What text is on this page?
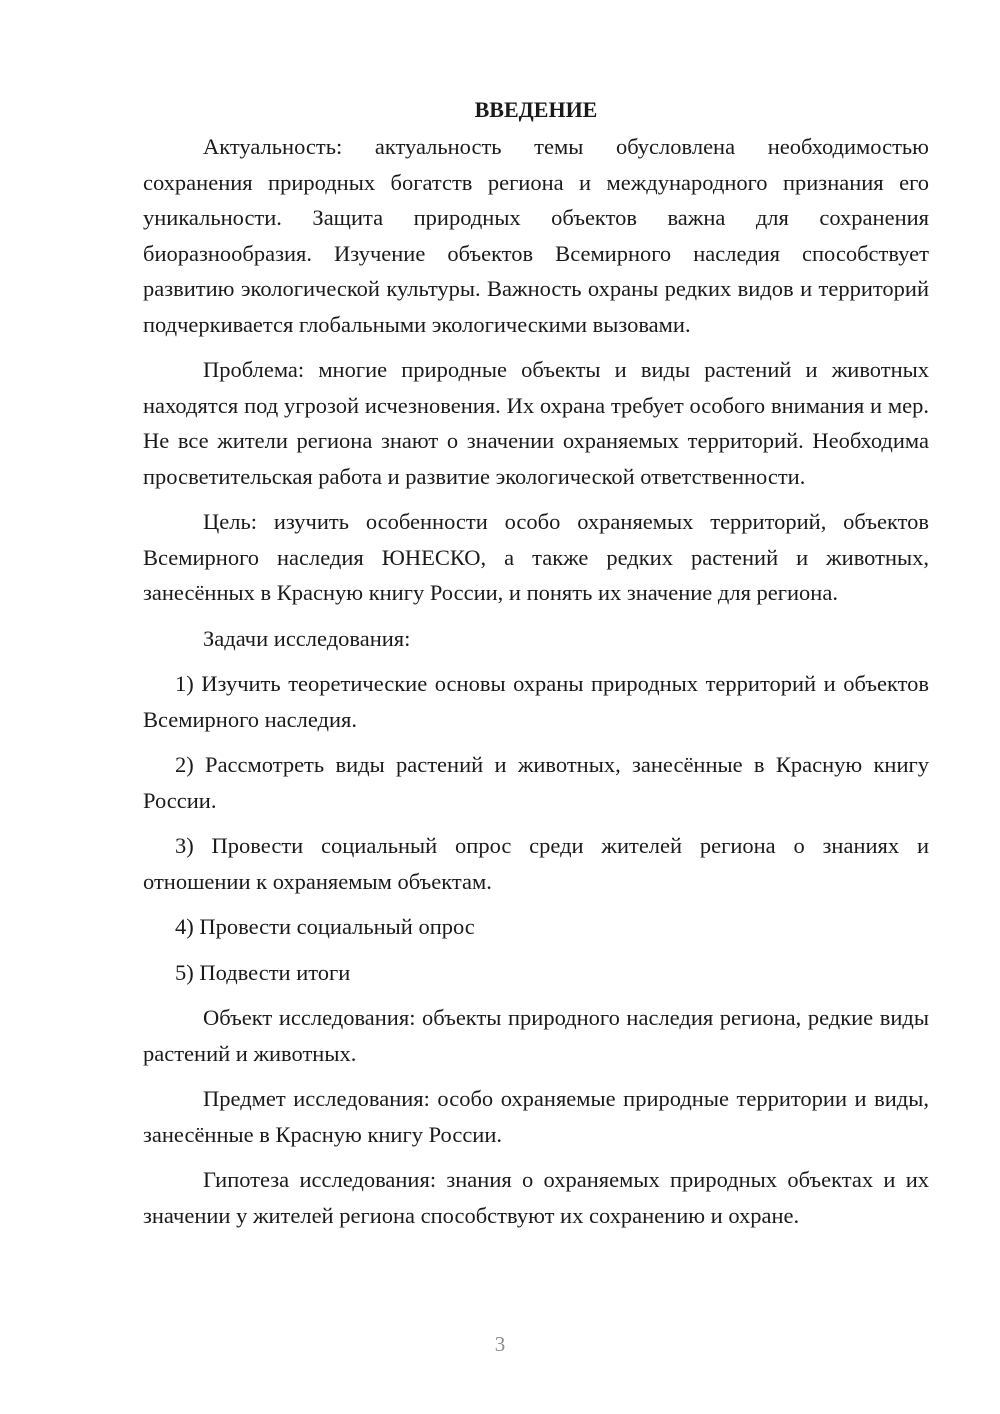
ВВЕДЕНИЕ

Актуальность: актуальность темы обусловлена необходимостью сохранения природных богатств региона и международного признания его уникальности. Защита природных объектов важна для сохранения биоразнообразия. Изучение объектов Всемирного наследия способствует развитию экологической культуры. Важность охраны редких видов и территорий подчеркивается глобальными экологическими вызовами.

Проблема: многие природные объекты и виды растений и животных находятся под угрозой исчезновения. Их охрана требует особого внимания и мер. Не все жители региона знают о значении охраняемых территорий. Необходима просветительская работа и развитие экологической ответственности.

Цель: изучить особенности особо охраняемых территорий, объектов Всемирного наследия ЮНЕСКО, а также редких растений и животных, занесённых в Красную книгу России, и понять их значение для региона.

Задачи исследования:

1) Изучить теоретические основы охраны природных территорий и объектов Всемирного наследия.

2) Рассмотреть виды растений и животных, занесённые в Красную книгу России.

3) Провести социальный опрос среди жителей региона о знаниях и отношении к охраняемым объектам.

4) Провести социальный опрос

5) Подвести итоги

Объект исследования: объекты природного наследия региона, редкие виды растений и животных.

Предмет исследования: особо охраняемые природные территории и виды, занесённые в Красную книгу России.

Гипотеза исследования: знания о охраняемых природных объектах и их значении у жителей региона способствуют их сохранению и охране.

3
